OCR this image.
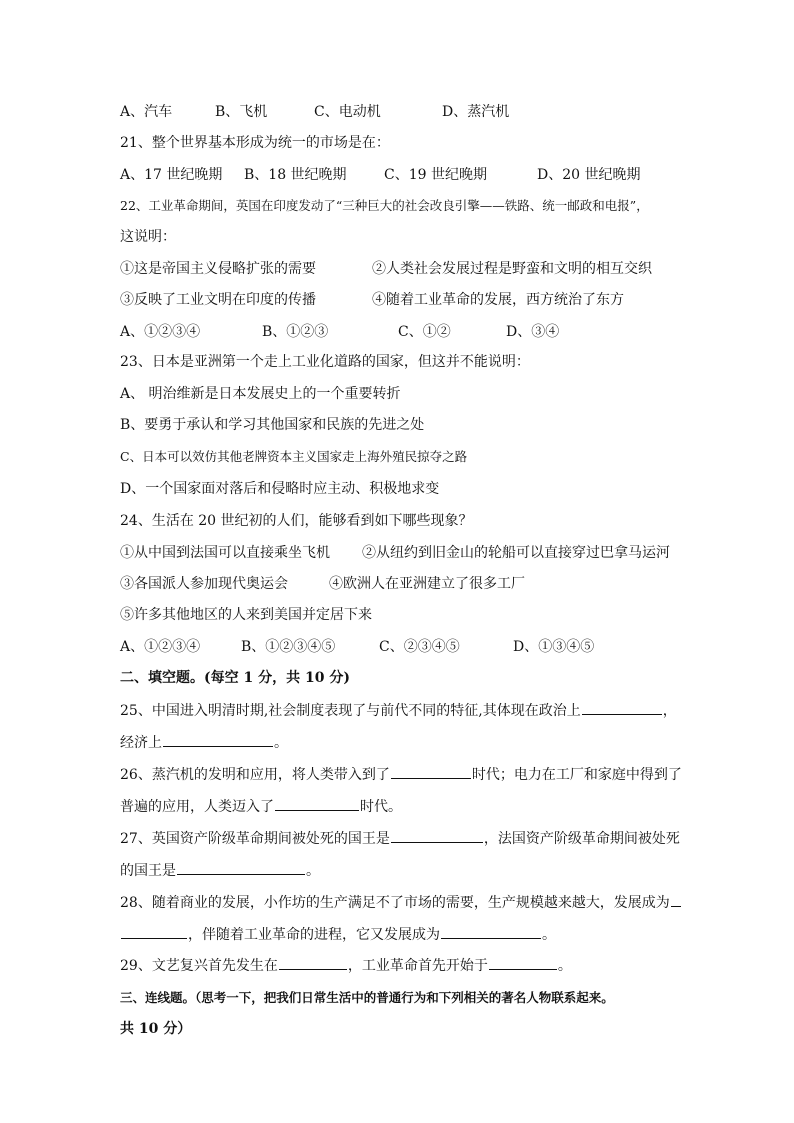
A、汽车	B、飞机	C、电动机	D、蒸汽机
21、整个世界基本形成为统一的市场是在：
A、17 世纪晚期 B、18 世纪晚期	C、19 世纪晚期	D、20 世纪晚期
22、工业革命期间，英国在印度发动了“三种巨大的社会改良引擎——铁路、统一邮政和电报”，
这说明：
①这是帝国主义侵略扩张的需要	②人类社会发展过程是野蛮和文明的相互交织
③反映了工业文明在印度的传播	④随着工业革命的发展，西方统治了东方
A、①②③④	B、①②③	C、①②	D、③④
23、日本是亚洲第一个走上工业化道路的国家，但这并不能说明：
A、 明治维新是日本发展史上的一个重要转折
B、要勇于承认和学习其他国家和民族的先进之处
C、日本可以效仿其他老牌资本主义国家走上海外殖民掠夺之路
D、一个国家面对落后和侵略时应主动、积极地求变
24、生活在 20 世纪初的人们，能够看到如下哪些现象？
①从中国到法国可以直接乘坐飞机 ②从纽约到旧金山的轮船可以直接穿过巴拿马运河
③各国派人参加现代奥运会	④欧洲人在亚洲建立了很多工厂
⑤许多其他地区的人来到美国并定居下来
A、①②③④	B、①②③④⑤	C、②③④⑤	D、①③④⑤
二、填空题。(每空 1 分，共 10 分)
25、中国进入明清时期,社会制度表现了与前代不同的特征,其体现在政治上	，
经济上	。
26、蒸汽机的发明和应用，将人类带入到了	时代；电力在工厂和家庭中得到了
普遍的应用，人类迈入了	时代。
27、英国资产阶级革命期间被处死的国王是	，法国资产阶级革命期间被处死
的国王是	。
28、随着商业的发展，小作坊的生产满足不了市场的需要，生产规模越来越大，发展成为
，伴随着工业革命的进程，它又发展成为	。
29、文艺复兴首先发生在	，工业革命首先开始于	。
三、连线题。（思考一下，把我们日常生活中的普通行为和下列相关的著名人物联系起来。
共 10 分）
